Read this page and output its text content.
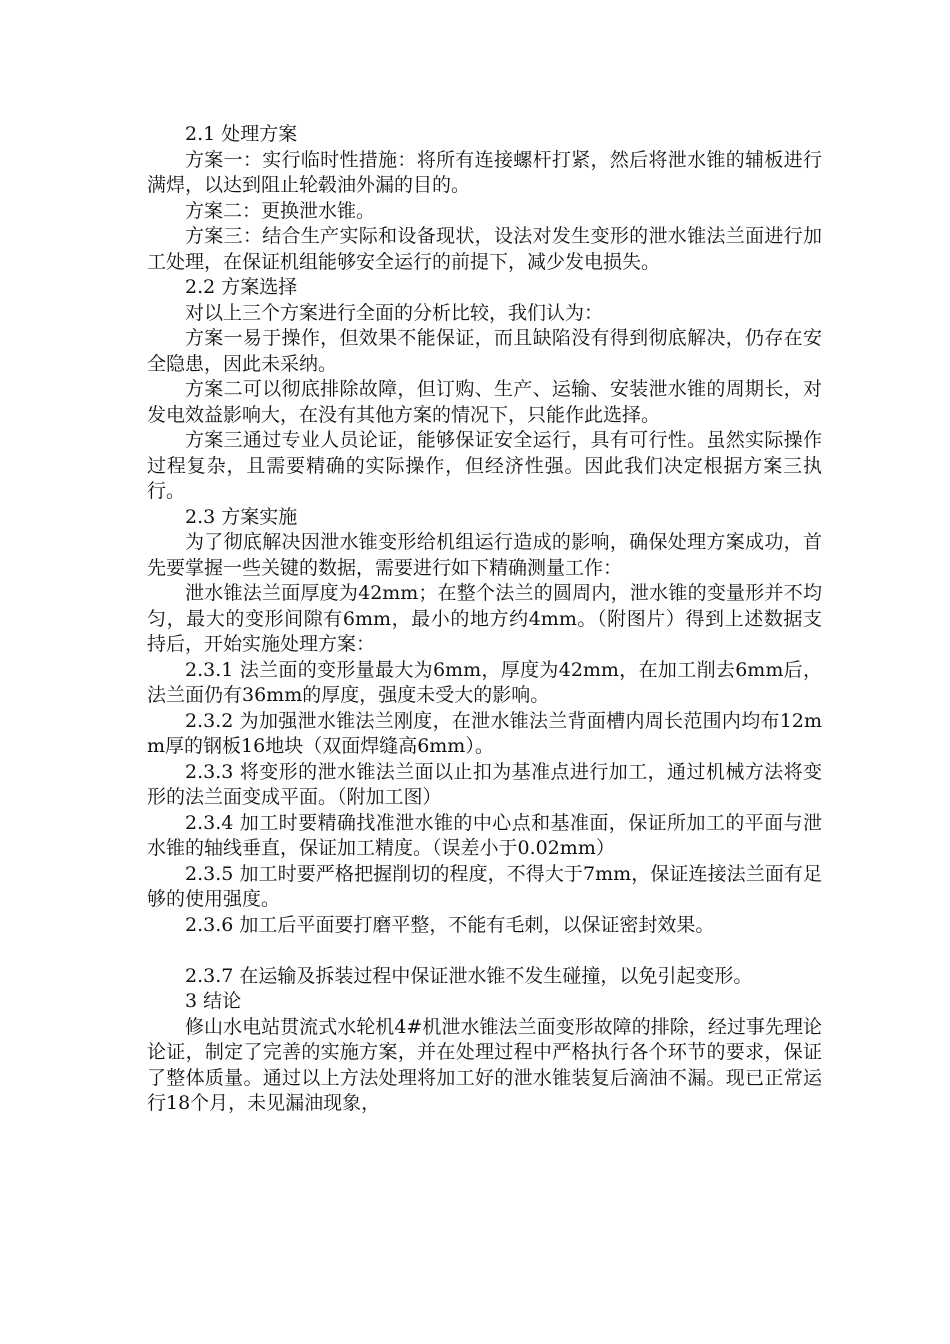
2.1 处理方案

方案一：实行临时性措施：将所有连接螺杆打紧，然后将泄水锥的辅板进行满焊，以达到阻止轮毂油外漏的目的。

方案二：更换泄水锥。

方案三：结合生产实际和设备现状，设法对发生变形的泄水锥法兰面进行加工处理，在保证机组能够安全运行的前提下，减少发电损失。

2.2 方案选择

对以上三个方案进行全面的分析比较，我们认为：

方案一易于操作，但效果不能保证，而且缺陷没有得到彻底解决，仍存在安全隐患，因此未采纳。

方案二可以彻底排除故障，但订购、生产、运输、安装泄水锥的周期长，对发电效益影响大，在没有其他方案的情况下，只能作此选择。

方案三通过专业人员论证，能够保证安全运行，具有可行性。虽然实际操作过程复杂，且需要精确的实际操作，但经济性强。因此我们决定根据方案三执行。

2.3 方案实施

为了彻底解决因泄水锥变形给机组运行造成的影响，确保处理方案成功，首先要掌握一些关键的数据，需要进行如下精确测量工作：

泄水锥法兰面厚度为42mm；在整个法兰的圆周内，泄水锥的变量形并不均匀，最大的变形间隙有6mm，最小的地方约4mm。（附图片）得到上述数据支持后，开始实施处理方案：

2.3.1 法兰面的变形量最大为6mm，厚度为42mm，在加工削去6mm后，法兰面仍有36mm的厚度，强度未受大的影响。

2.3.2 为加强泄水锥法兰刚度，在泄水锥法兰背面槽内周长范围内均布12mm厚的钢板16地块（双面焊缝高6mm）。

2.3.3 将变形的泄水锥法兰面以止扣为基准点进行加工，通过机械方法将变形的法兰面变成平面。（附加工图）

2.3.4 加工时要精确找准泄水锥的中心点和基准面，保证所加工的平面与泄水锥的轴线垂直，保证加工精度。（误差小于0.02mm）

2.3.5 加工时要严格把握削切的程度，不得大于7mm，保证连接法兰面有足够的使用强度。

2.3.6 加工后平面要打磨平整，不能有毛刺，以保证密封效果。

2.3.7 在运输及拆装过程中保证泄水锥不发生碰撞，以免引起变形。

3 结论

修山水电站贯流式水轮机4#机泄水锥法兰面变形故障的排除，经过事先理论论证，制定了完善的实施方案，并在处理过程中严格执行各个环节的要求，保证了整体质量。通过以上方法处理将加工好的泄水锥装复后滴油不漏。现已正常运行18个月，未见漏油现象，
